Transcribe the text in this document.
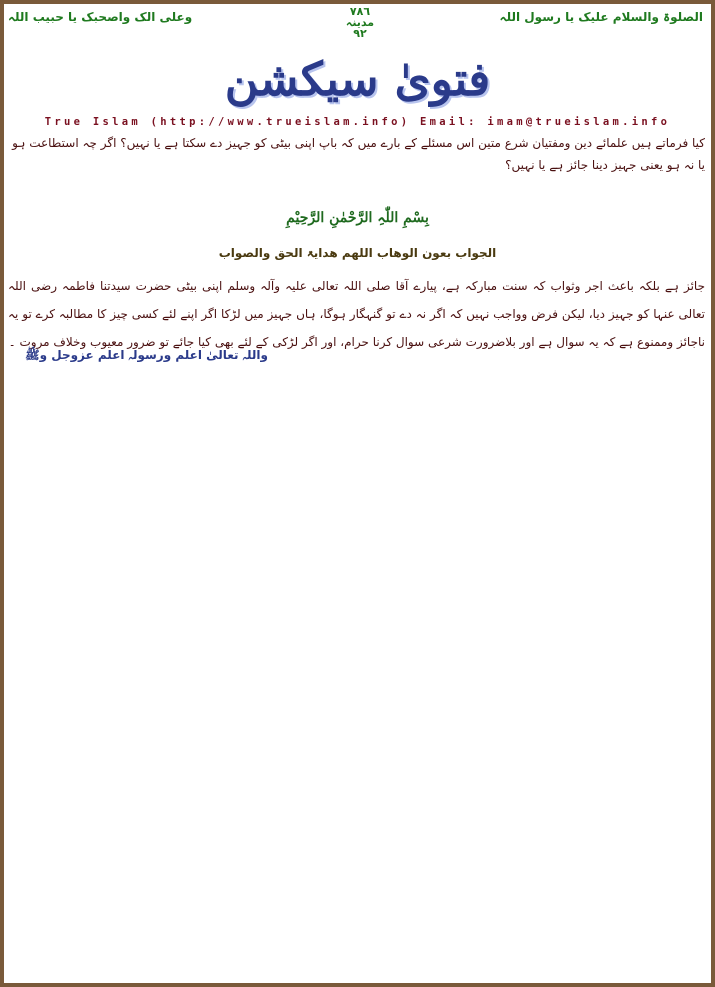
الصلوۃ والسلام علیک یا رسول اللہ
٧٨٦
مدینہ
٩٢
وعلی الک واصحبک یا حبیب اللہ
فتویٰ سیکشن
True Islam (http://www.trueislam.info) Email: imam@trueislam.info
کیا فرماتے ہیں علمائے دین ومفتیان شرع متین اس مسئلے کے بارے میں کہ باپ اپنی بیٹی کو جہیز دے سکتا ہے یا نہیں؟ اگر چہ استطاعت ہو یا نہ ہو یعنی جہیز دینا جائز ہے یا نہیں؟
بِسْمِ اللّٰہِ الرَّحْمٰنِ الرَّحِیْمِ
الجواب بعون الوھاب اللھم ھدایۃ الحق والصواب
جائز ہے بلکہ باعث اجر وثواب کہ سنت مبارکہ ہے، پیارے آقا صلی اللہ تعالی علیہ وآلہ وسلم اپنی بیٹی حضرت سیدتنا فاطمہ رضی اللہ تعالی عنہا کو جہیز دیا، لیکن فرض وواجب نہیں کہ اگر نہ دے تو گنہگار ہوگا، ہاں جہیز میں لڑکا اگر اپنے لئے کسی چیز کا مطالبہ کرے تو یہ ناجائز وممنوع ہے کہ یہ سوال ہے اور بلاضرورت شرعی سوال کرنا حرام، اور اگر لڑکی کے لئے بھی کیا جائے تو ضرور معیوب وخلاف مروت ۔
واللہ تعالیٰ اعلم ورسولہ اعلم عزوجل وﷺ
